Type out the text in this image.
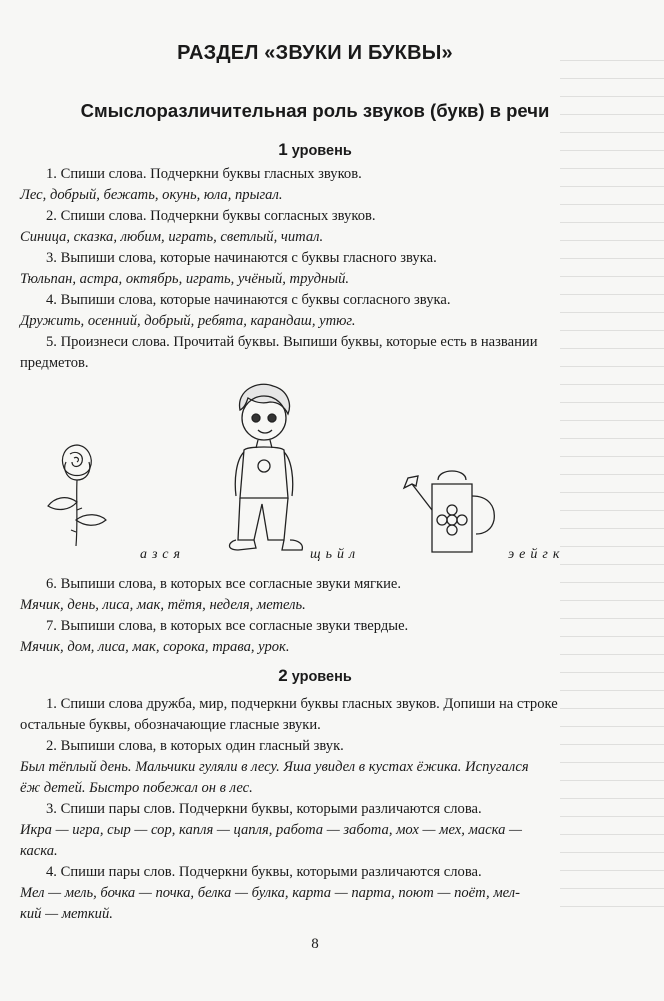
РАЗДЕЛ «ЗВУКИ И БУКВЫ»
Смыслоразличительная роль звуков (букв) в речи
1 уровень

1. Спиши слова. Подчеркни буквы гласных звуков.

Лес, добрый, бежать, окунь, юла, прыгал.

2. Спиши слова. Подчеркни буквы согласных звуков.

Синица, сказка, любим, играть, светлый, читал.

3. Выпиши слова, которые начинаются с буквы гласного звука.

Тюльпан, астра, октябрь, играть, учёный, трудный.

4. Выпиши слова, которые начинаются с буквы согласного звука.

Дружить, осенний, добрый, ребята, карандаш, утюг.

5. Произнеси слова. Прочитай буквы. Выпиши буквы, которые есть в названии

предметов.

азся	щьйл	эейгк

6. Выпиши слова, в которых все согласные звуки мягкие.

Мячик, день, лиса, мак, тётя, неделя, метель.

7. Выпиши слова, в которых все согласные звуки твердые.

Мячик, дом, лиса, мак, сорока, трава, урок.

2 уровень

1. Спиши слова дружба, мир, подчеркни буквы гласных звуков. Допиши на строке

остальные буквы, обозначающие гласные звуки.

2. Выпиши слова, в которых один гласный звук.

Был тёплый день. Мальчики гуляли в лесу. Яша увидел в кустах ёжика. Испугался

ёж детей. Быстро побежал он в лес.

3. Спиши пары слов. Подчеркни буквы, которыми различаются слова.

Икра — игра, сыр — сор, капля — цапля, работа — забота, мох — мех, маска —

каска.

4. Спиши пары слов. Подчеркни буквы, которыми различаются слова.

Мел — мель, бочка — почка, белка — булка, карта — парта, поют — поёт, мел-

кий — меткий.

8
